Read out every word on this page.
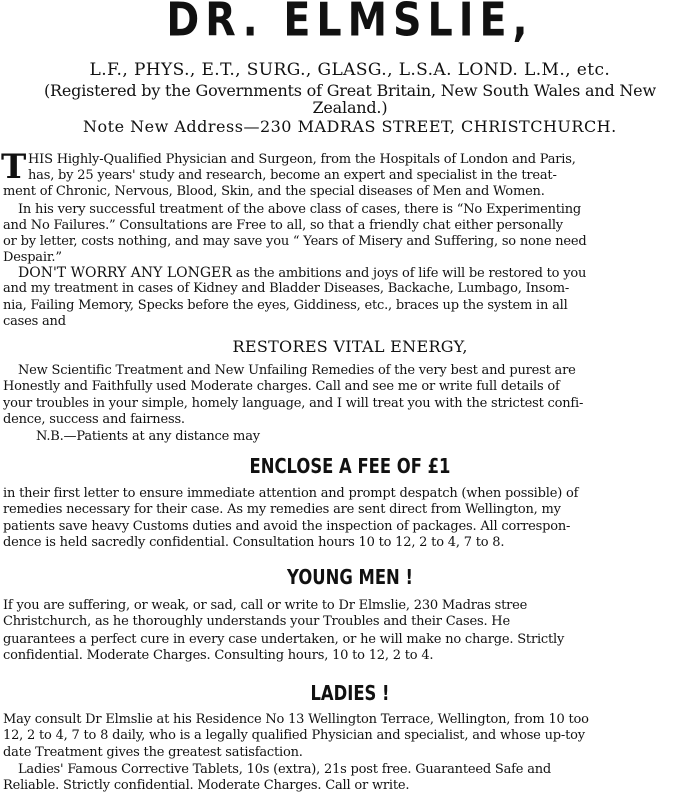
DR. ELMSLIE,
L.F., PHYS., E.T., SURG., GLASG., L.S.A. LOND. L.M., etc.
(Registered by the Governments of Great Britain, New South Wales and New
Zealand.)
Note New Address—230 MADRAS STREET, CHRISTCHURCH.
T HIS Highly-Qualified Physician and Surgeon, from the Hospitals of London and Paris,
has, by 25 years' study and research, become an expert and specialist in the treat-
ment of Chronic, Nervous, Blood, Skin, and the special diseases of Men and Women.
In his very successful treatment of the above class of cases, there is “No Experimenting
and No Failures.” Consultations are Free to all, so that a friendly chat either personally
or by letter, costs nothing, and may save you “ Years of Misery and Suffering, so none need
Despair.”
DON'T WORRY ANY LONGER as the ambitions and joys of life will be restored to you
and my treatment in cases of Kidney and Bladder Diseases, Backache, Lumbago, Insom-
nia, Failing Memory, Specks before the eyes, Giddiness, etc., braces up the system in all
cases and
RESTORES VITAL ENERGY,
New Scientific Treatment and New Unfailing Remedies of the very best and purest are
Honestly and Faithfully used Moderate charges. Call and see me or write full details of
your troubles in your simple, homely language, and I will treat you with the strictest confi-
dence, success and fairness.
N.B.—Patients at any distance may
ENCLOSE A FEE OF £1
in their first letter to ensure immediate attention and prompt despatch (when possible) of
remedies necessary for their case. As my remedies are sent direct from Wellington, my
patients save heavy Customs duties and avoid the inspection of packages. All correspon-
dence is held sacredly confidential. Consultation hours 10 to 12, 2 to 4, 7 to 8.
YOUNG MEN !
If you are suffering, or weak, or sad, call or write to Dr Elmslie, 230 Madras stree
Christchurch, as he thoroughly understands your Troubles and their Cases. He
guarantees a perfect cure in every case undertaken, or he will make no charge. Strictly
confidential. Moderate Charges. Consulting hours, 10 to 12, 2 to 4.
LADIES !
May consult Dr Elmslie at his Residence No 13 Wellington Terrace, Wellington, from 10 too
12, 2 to 4, 7 to 8 daily, who is a legally qualified Physician and specialist, and whose up-toy
date Treatment gives the greatest satisfaction.
Ladies' Famous Corrective Tablets, 10s (extra), 21s post free. Guaranteed Safe and
Reliable. Strictly confidential. Moderate Charges. Call or write.
